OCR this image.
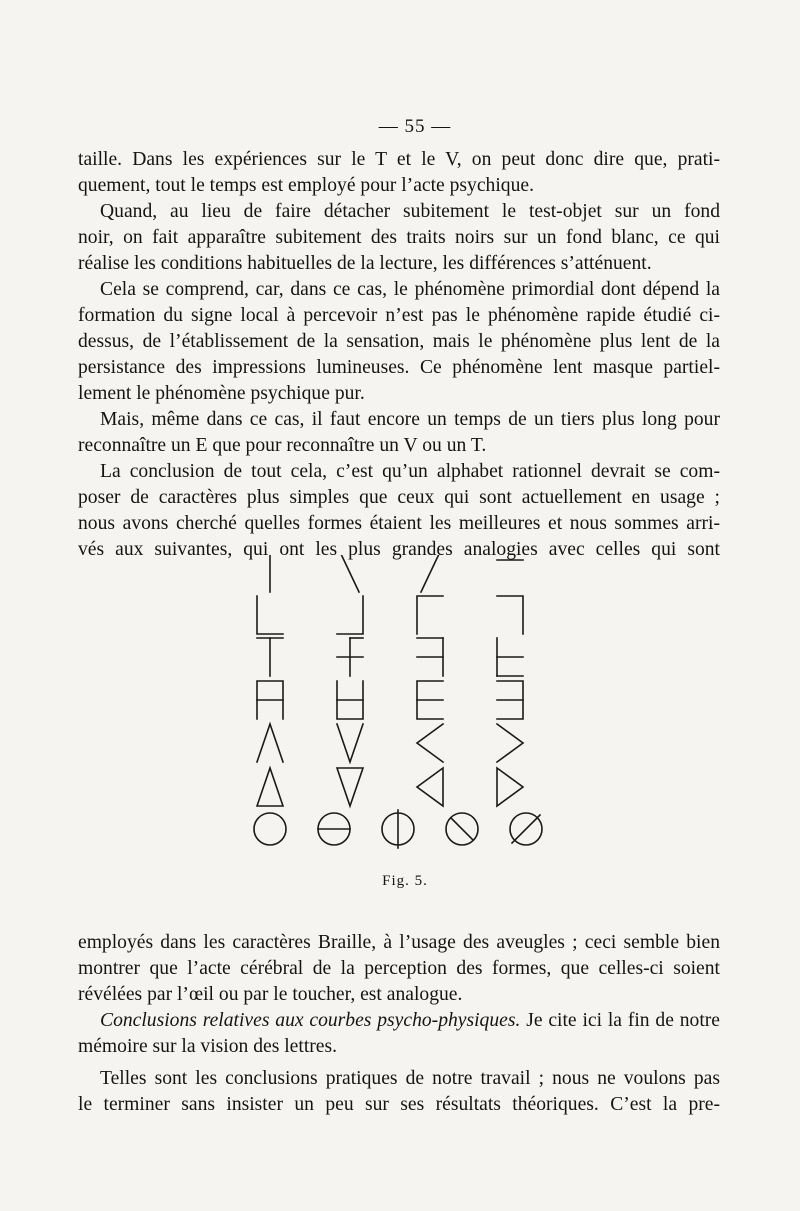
— 55 —

taille. Dans les expériences sur le T et le V, on peut donc dire que, prati-

quement, tout le temps est employé pour l’acte psychique.

Quand, au lieu de faire détacher subitement le test-objet sur un fond

noir, on fait apparaître subitement des traits noirs sur un fond blanc, ce qui

réalise les conditions habituelles de la lecture, les différences s’atténuent.

Cela se comprend, car, dans ce cas, le phénomène primordial dont dépend la

formation du signe local à percevoir n’est pas le phénomène rapide étudié ci-

dessus, de l’établissement de la sensation, mais le phénomène plus lent de la

persistance des impressions lumineuses. Ce phénomène lent masque partiel-

lement le phénomène psychique pur.

Mais, même dans ce cas, il faut encore un temps de un tiers plus long pour

reconnaître un E que pour reconnaître un V ou un T.

La conclusion de tout cela, c’est qu’un alphabet rationnel devrait se com-

poser de caractères plus simples que ceux qui sont actuellement en usage ;

nous avons cherché quelles formes étaient les meilleures et nous sommes arri-

vés aux suivantes, qui ont les plus grandes analogies avec celles qui sont

Fig. 5.

employés dans les caractères Braille, à l’usage des aveugles ; ceci semble bien

montrer que l’acte cérébral de la perception des formes, que celles-ci soient

révélées par l’œil ou par le toucher, est analogue.

Conclusions relatives aux courbes psycho-physiques. Je cite ici la fin de notre

mémoire sur la vision des lettres.

Telles sont les conclusions pratiques de notre travail ; nous ne voulons pas

le terminer sans insister un peu sur ses résultats théoriques. C’est la pre-
